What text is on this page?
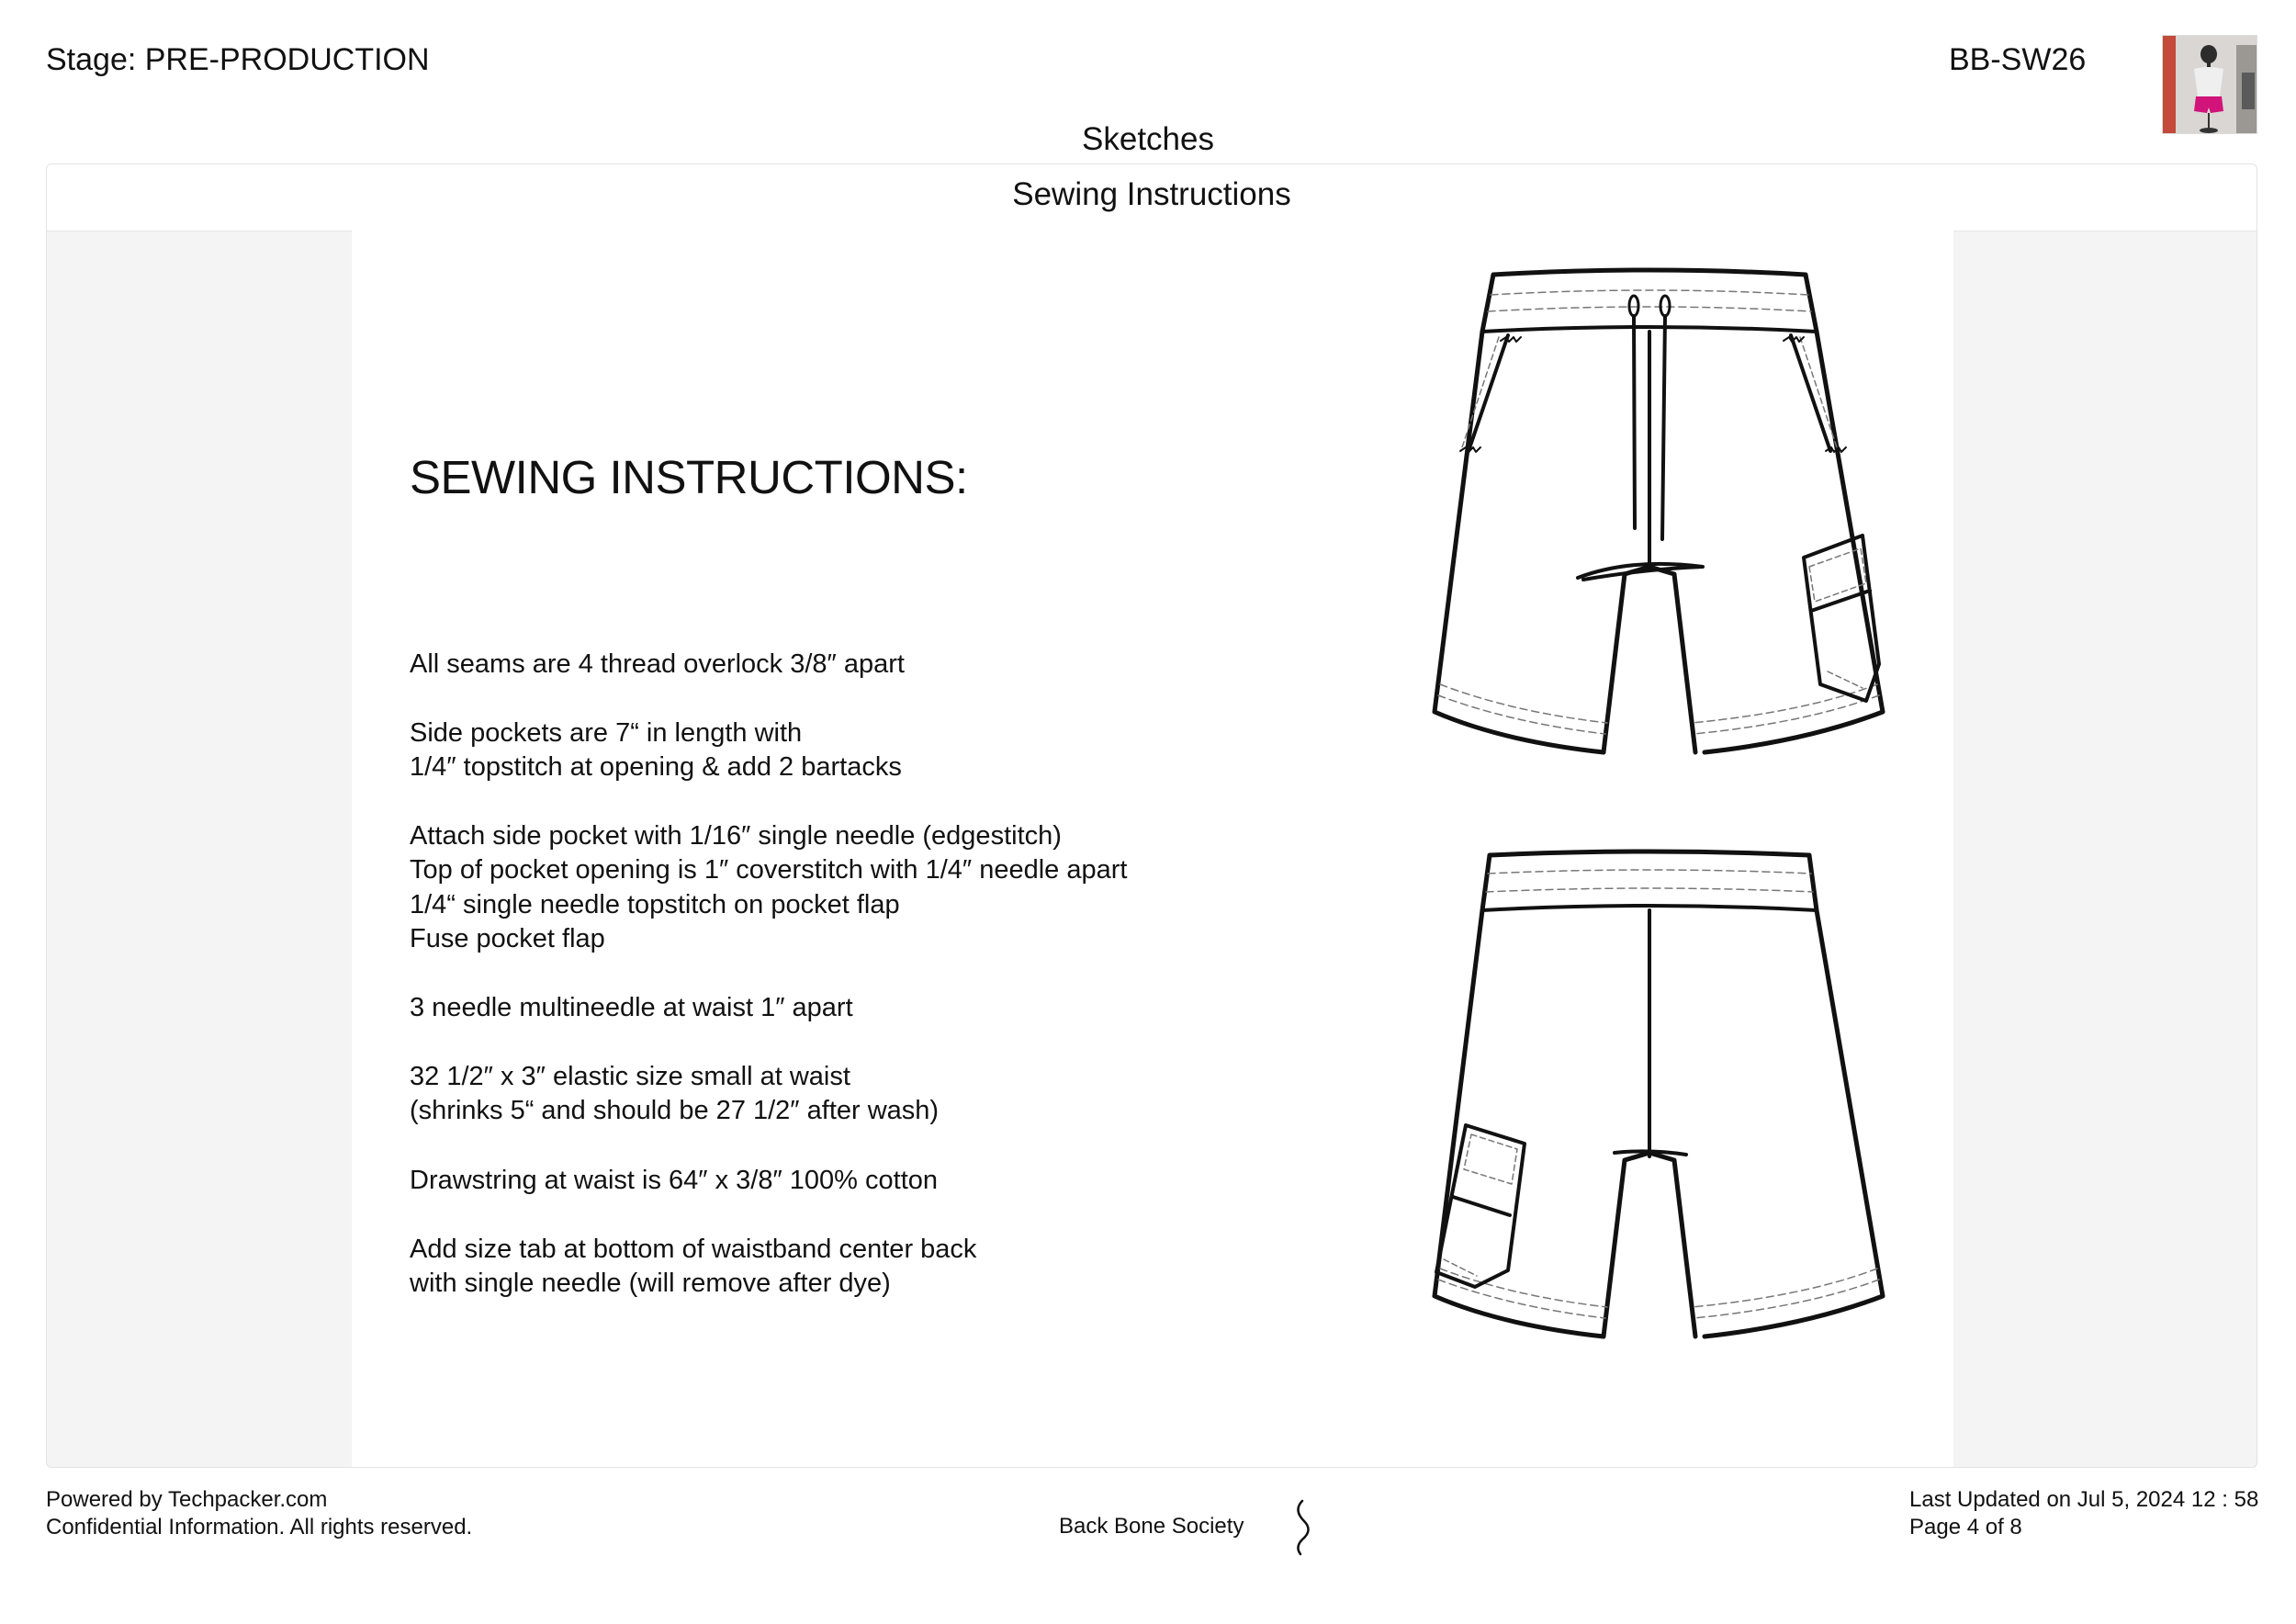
Stage: PRE-PRODUCTION	BB-SW26
Sketches
Sewing Instructions
SEWING INSTRUCTIONS:
All seams are 4 thread overlock 3/8″ apart
Side pockets are 7“ in length with
1/4″ topstitch at opening & add 2 bartacks
Attach side pocket with 1/16″ single needle (edgestitch)
Top of pocket opening is 1″ coverstitch with 1/4″ needle apart
1/4“ single needle topstitch on pocket flap
Fuse pocket flap
3 needle multineedle at waist 1″ apart
32 1/2″ x 3″ elastic size small at waist
(shrinks 5“ and should be 27 1/2″ after wash)
Drawstring at waist is 64″ x 3/8″ 100% cotton
Add size tab at bottom of waistband center back
with single needle (will remove after dye)
Powered by Techpacker.com
Confidential Information. All rights reserved.	Back Bone Society
Last Updated on Jul 5, 2024 12 : 58
Page 4 of 8
